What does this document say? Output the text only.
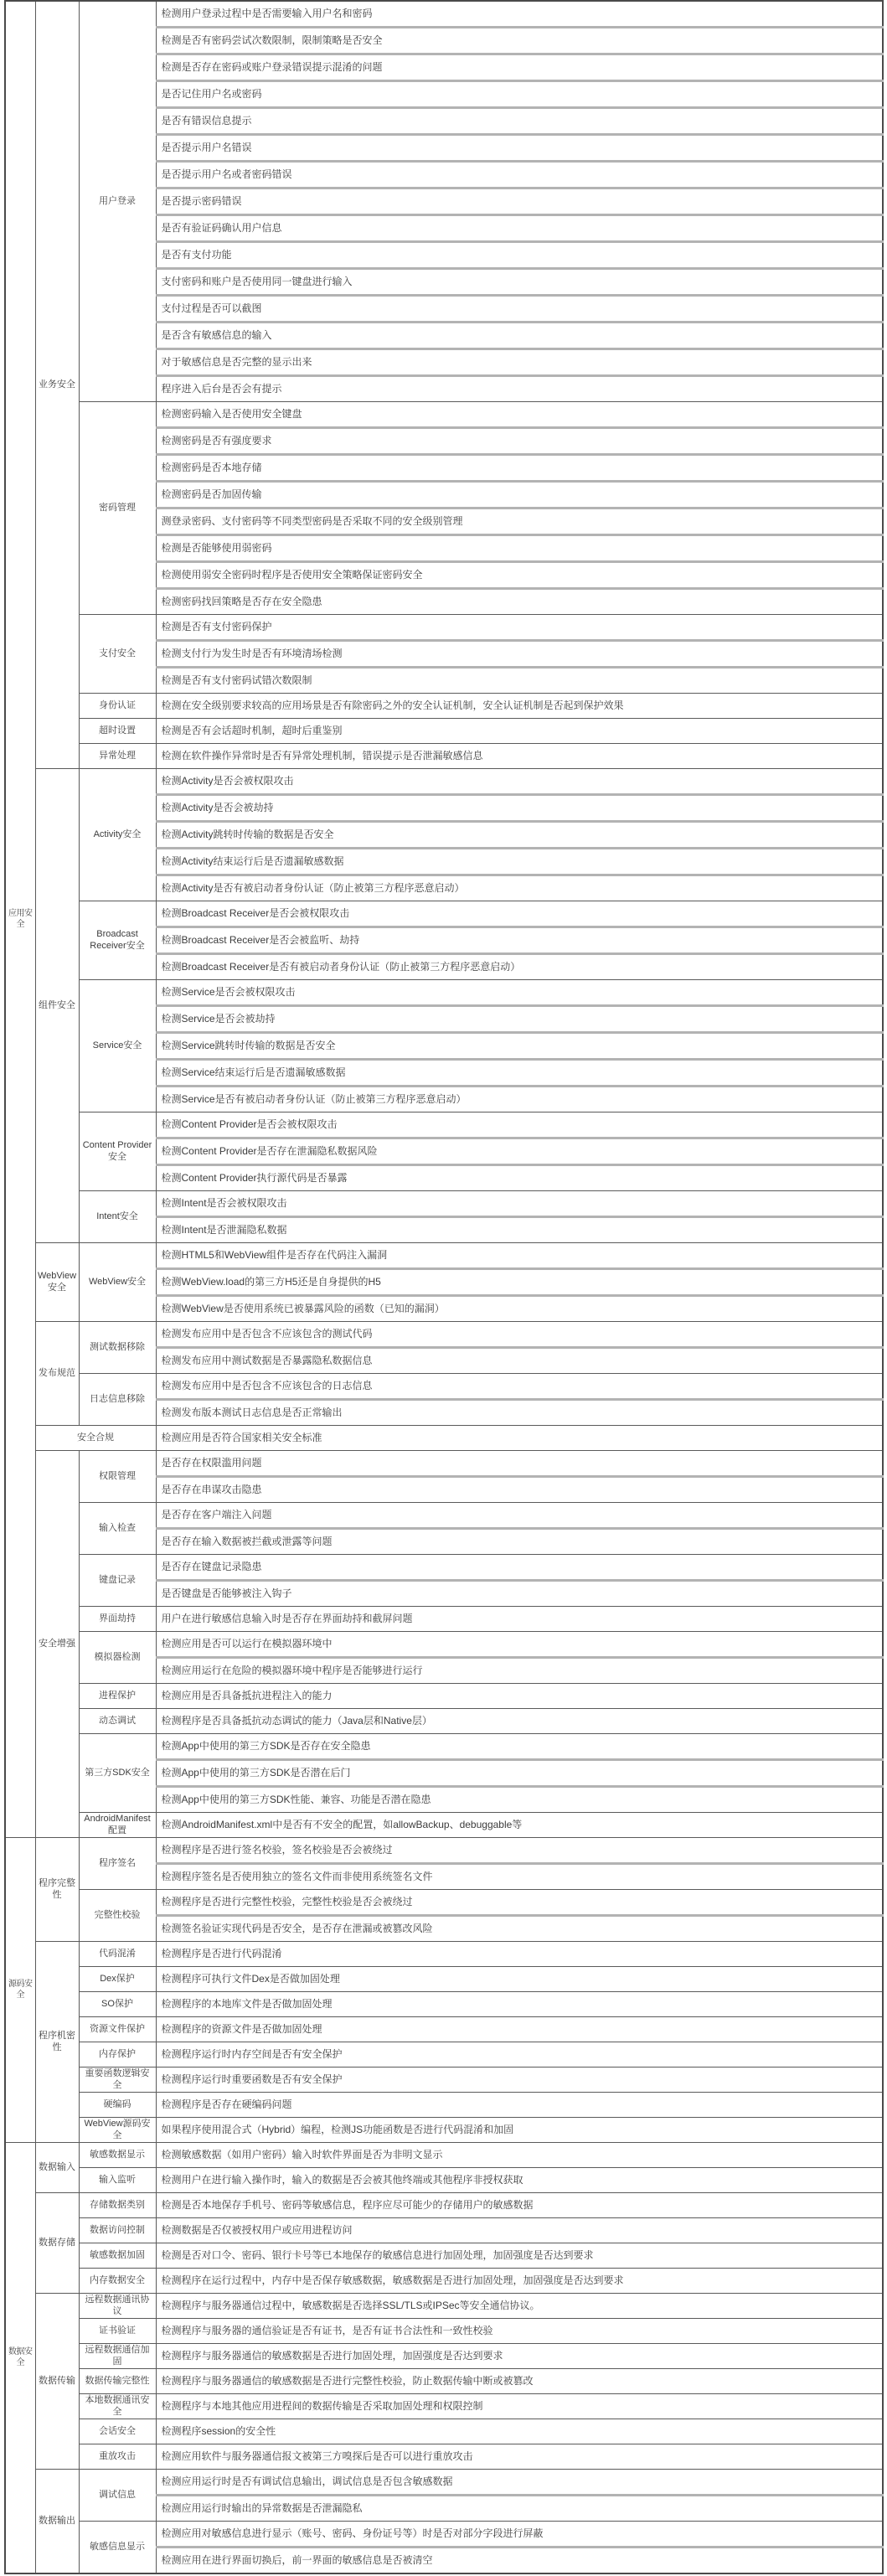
应用安全	业务安全	用户登录	检测用户登录过程中是否需要输入用户名和密码
			检测是否有密码尝试次数限制，限制策略是否安全
			检测是否存在密码或账户登录错误提示混淆的问题
			是否记住用户名或密码
			是否有错误信息提示
			是否提示用户名错误
			是否提示用户名或者密码错误
			是否提示密码错误
			是否有验证码确认用户信息
			是否有支付功能
			支付密码和账户是否使用同一键盘进行输入
			支付过程是否可以截图
			是否含有敏感信息的输入
			对于敏感信息是否完整的显示出来
			程序进入后台是否会有提示
		密码管理	检测密码输入是否使用安全键盘
			检测密码是否有强度要求
			检测密码是否本地存储
			检测密码是否加固传输
			测登录密码、支付密码等不同类型密码是否采取不同的安全级别管理
			检测是否能够使用弱密码
			检测使用弱安全密码时程序是否使用安全策略保证密码安全
			检测密码找回策略是否存在安全隐患
		支付安全	检测是否有支付密码保护
			检测支付行为发生时是否有环境清场检测
			检测是否有支付密码试错次数限制
		身份认证	检测在安全级别要求较高的应用场景是否有除密码之外的安全认证机制，安全认证机制是否起到保护效果
		超时设置	检测是否有会话超时机制，超时后重鉴别
		异常处理	检测在软件操作异常时是否有异常处理机制，错误提示是否泄漏敏感信息
	组件安全	Activity安全	检测Activity是否会被权限攻击
			检测Activity是否会被劫持
			检测Activity跳转时传输的数据是否安全
			检测Activity结束运行后是否遗漏敏感数据
			检测Activity是否有被启动者身份认证（防止被第三方程序恶意启动）
		Broadcast Receiver安全	检测Broadcast Receiver是否会被权限攻击
			检测Broadcast Receiver是否会被监听、劫持
			检测Broadcast Receiver是否有被启动者身份认证（防止被第三方程序恶意启动）
		Service安全	检测Service是否会被权限攻击
			检测Service是否会被劫持
			检测Service跳转时传输的数据是否安全
			检测Service结束运行后是否遗漏敏感数据
			检测Service是否有被启动者身份认证（防止被第三方程序恶意启动）
		Content Provider安全	检测Content Provider是否会被权限攻击
			检测Content Provider是否存在泄漏隐私数据风险
			检测Content Provider执行源代码是否暴露
		Intent安全	检测Intent是否会被权限攻击
			检测Intent是否泄漏隐私数据
	WebView安全	WebView安全	检测HTML5和WebView组件是否存在代码注入漏洞
			检测WebView.load的第三方H5还是自身提供的H5
			检测WebView是否使用系统已被暴露风险的函数（已知的漏洞）
	发布规范	测试数据移除	检测发布应用中是否包含不应该包含的测试代码
			检测发布应用中测试数据是否暴露隐私数据信息
		日志信息移除	检测发布应用中是否包含不应该包含的日志信息
			检测发布版本测试日志信息是否正常输出
	安全合规		检测应用是否符合国家相关安全标准
	安全增强	权限管理	是否存在权限滥用问题
			是否存在串谋攻击隐患
		输入检查	是否存在客户端注入问题
			是否存在输入数据被拦截或泄露等问题
		键盘记录	是否存在键盘记录隐患
			是否键盘是否能够被注入钩子
		界面劫持	用户在进行敏感信息输入时是否存在界面劫持和截屏问题
		模拟器检测	检测应用是否可以运行在模拟器环境中
			检测应用运行在危险的模拟器环境中程序是否能够进行运行
		进程保护	检测应用是否具备抵抗进程注入的能力
		动态调试	检测程序是否具备抵抗动态调试的能力（Java层和Native层）
		第三方SDK安全	检测App中使用的第三方SDK是否存在安全隐患
			检测App中使用的第三方SDK是否潜在后门
			检测App中使用的第三方SDK性能、兼容、功能是否潜在隐患
		AndroidManifest配置	检测AndroidManifest.xml中是否有不安全的配置，如allowBackup、debuggable等
源码安全	程序完整性	程序签名	检测程序是否进行签名校验，签名校验是否会被绕过
			检测程序签名是否使用独立的签名文件而非使用系统签名文件
		完整性校验	检测程序是否进行完整性校验，完整性校验是否会被绕过
			检测签名验证实现代码是否安全，是否存在泄漏或被篡改风险
	程序机密性	代码混淆	检测程序是否进行代码混淆
		Dex保护	检测程序可执行文件Dex是否做加固处理
		SO保护	检测程序的本地库文件是否做加固处理
		资源文件保护	检测程序的资源文件是否做加固处理
		内存保护	检测程序运行时内存空间是否有安全保护
		重要函数逻辑安全	检测程序运行时重要函数是否有安全保护
		硬编码	检测程序是否存在硬编码问题
		WebView源码安全	如果程序使用混合式（Hybrid）编程，检测JS功能函数是否进行代码混淆和加固
数据安全	数据输入	敏感数据显示	检测敏感数据（如用户密码）输入时软件界面是否为非明文显示
		输入监听	检测用户在进行输入操作时，输入的数据是否会被其他终端或其他程序非授权获取
	数据存储	存储数据类别	检测是否本地保存手机号、密码等敏感信息，程序应尽可能少的存储用户的敏感数据
		数据访问控制	检测数据是否仅被授权用户或应用进程访问
		敏感数据加固	检测是否对口令、密码、银行卡号等已本地保存的敏感信息进行加固处理，加固强度是否达到要求
		内存数据安全	检测程序在运行过程中，内存中是否保存敏感数据，敏感数据是否进行加固处理，加固强度是否达到要求
	数据传输	远程数据通讯协议	检测程序与服务器通信过程中，敏感数据是否选择SSL/TLS或IPSec等安全通信协议。
		证书验证	检测程序与服务器的通信验证是否有证书，是否有证书合法性和一致性校验
		远程数据通信加固	检测程序与服务器通信的敏感数据是否进行加固处理，加固强度是否达到要求
		数据传输完整性	检测程序与服务器通信的敏感数据是否进行完整性校验，防止数据传输中断或被篡改
		本地数据通讯安全	检测程序与本地其他应用进程间的数据传输是否采取加固处理和权限控制
		会话安全	检测程序session的安全性
		重放攻击	检测应用软件与服务器通信报文被第三方嗅探后是否可以进行重放攻击
	数据输出	调试信息	检测应用运行时是否有调试信息输出，调试信息是否包含敏感数据
			检测应用运行时输出的异常数据是否泄漏隐私
		敏感信息显示	检测应用对敏感信息进行显示（账号、密码、身份证号等）时是否对部分字段进行屏蔽
			检测应用在进行界面切换后，前一界面的敏感信息是否被清空
